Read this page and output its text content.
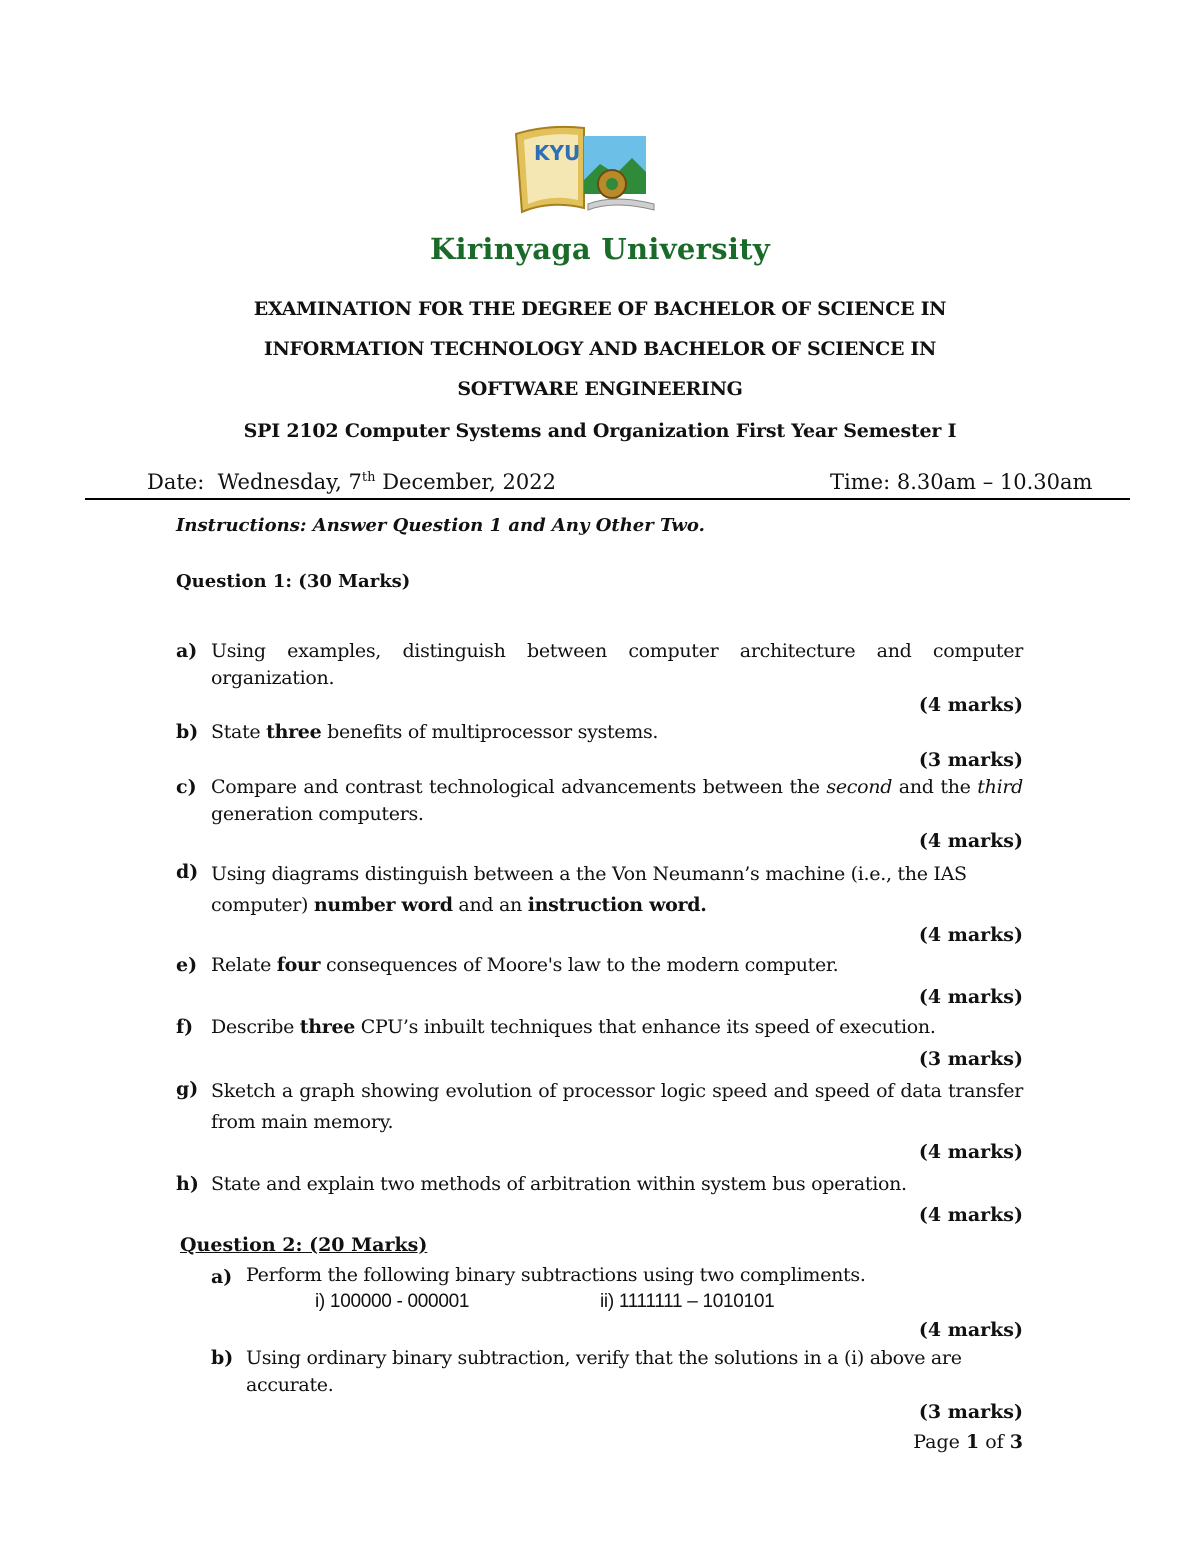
KYU
Kirinyaga University
EXAMINATION FOR THE DEGREE OF BACHELOR OF SCIENCE IN
INFORMATION TECHNOLOGY AND BACHELOR OF SCIENCE IN
SOFTWARE ENGINEERING
SPI 2102 Computer Systems and Organization First Year Semester I
Date: Wednesday, 7th December, 2022	Time: 8.30am – 10.30am
Instructions: Answer Question 1 and Any Other Two.
Question 1: (30 Marks)
a) Using examples, distinguish between computer architecture and computer
organization.
(4 marks)
b) State three benefits of multiprocessor systems.
(3 marks)
c) Compare and contrast technological advancements between the second and the third generation computers.
(4 marks)
d) Using diagrams distinguish between a the Von Neumann’s machine (i.e., the IAS computer) number word and an instruction word.
(4 marks)
e) Relate four consequences of Moore's law to the modern computer.
(4 marks)
f) Describe three CPU’s inbuilt techniques that enhance its speed of execution.
(3 marks)
g) Sketch a graph showing evolution of processor logic speed and speed of data transfer from main memory.
(4 marks)
h) State and explain two methods of arbitration within system bus operation.
(4 marks)
Question 2: (20 Marks)
a) Perform the following binary subtractions using two compliments.
i) 100000 - 000001	ii) 1111111 – 1010101
(4 marks)
b) Using ordinary binary subtraction, verify that the solutions in a (i) above are accurate.
(3 marks)
Page 1 of 3
